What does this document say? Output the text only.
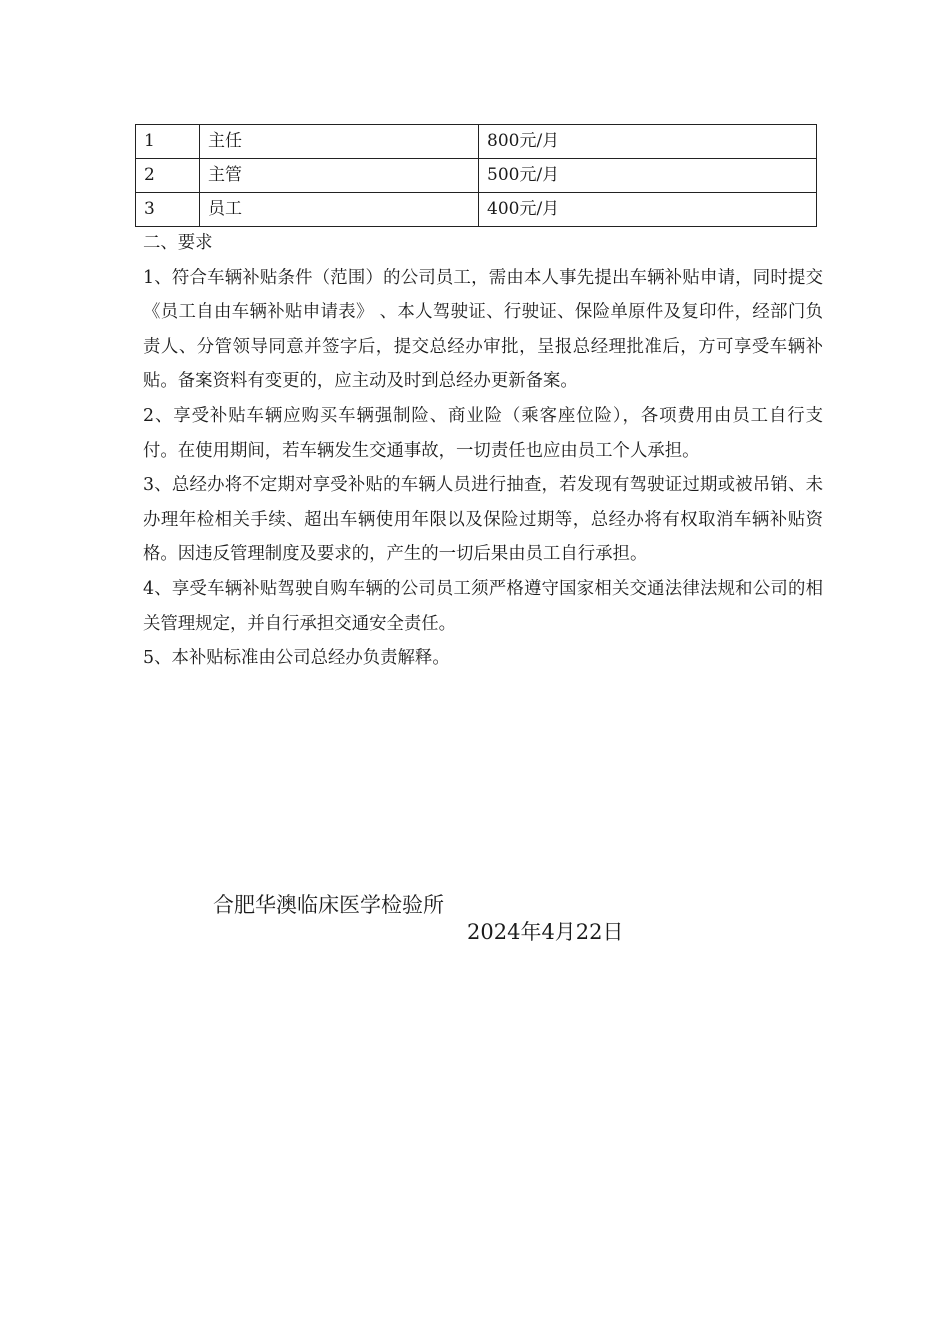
1	主任	800元/月
2	主管	500元/月
3	员工	400元/月

二、要求

1、符合车辆补贴条件（范围）的公司员工，需由本人事先提出车辆补贴申请，同时提交《员工自由车辆补贴申请表》 、本人驾驶证、行驶证、保险单原件及复印件，经部门负责人、分管领导同意并签字后，提交总经办审批，呈报总经理批准后，方可享受车辆补贴。备案资料有变更的，应主动及时到总经办更新备案。

2、享受补贴车辆应购买车辆强制险、商业险（乘客座位险），各项费用由员工自行支付。在使用期间，若车辆发生交通事故，一切责任也应由员工个人承担。

3、总经办将不定期对享受补贴的车辆人员进行抽查，若发现有驾驶证过期或被吊销、未办理年检相关手续、超出车辆使用年限以及保险过期等，总经办将有权取消车辆补贴资格。因违反管理制度及要求的，产生的一切后果由员工自行承担。

4、享受车辆补贴驾驶自购车辆的公司员工须严格遵守国家相关交通法律法规和公司的相关管理规定，并自行承担交通安全责任。

5、本补贴标准由公司总经办负责解释。

合肥华澳临床医学检验所
2024年4月22日
